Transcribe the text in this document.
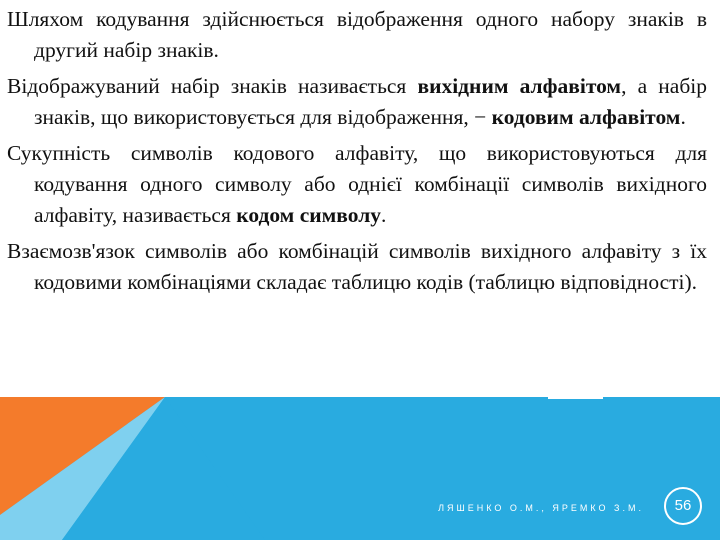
Шляхом кодування здійснюється відображення одного набору знаків в другий набір знаків.

Відображуваний набір знаків називається вихідним алфавітом, а набір знаків, що використовується для відображення, − кодовим алфавітом.

Сукупність символів кодового алфавіту, що використовуються для кодування одного символу або однієї комбінації символів вихідного алфавіту, називається кодом символу.

Взаємозв'язок символів або комбінацій символів вихідного алфавіту з їх кодовими комбінаціями складає таблицю кодів (таблицю відповідності).

ЛЯШЕНКО О.М., ЯРЕМКО З.М.	56
